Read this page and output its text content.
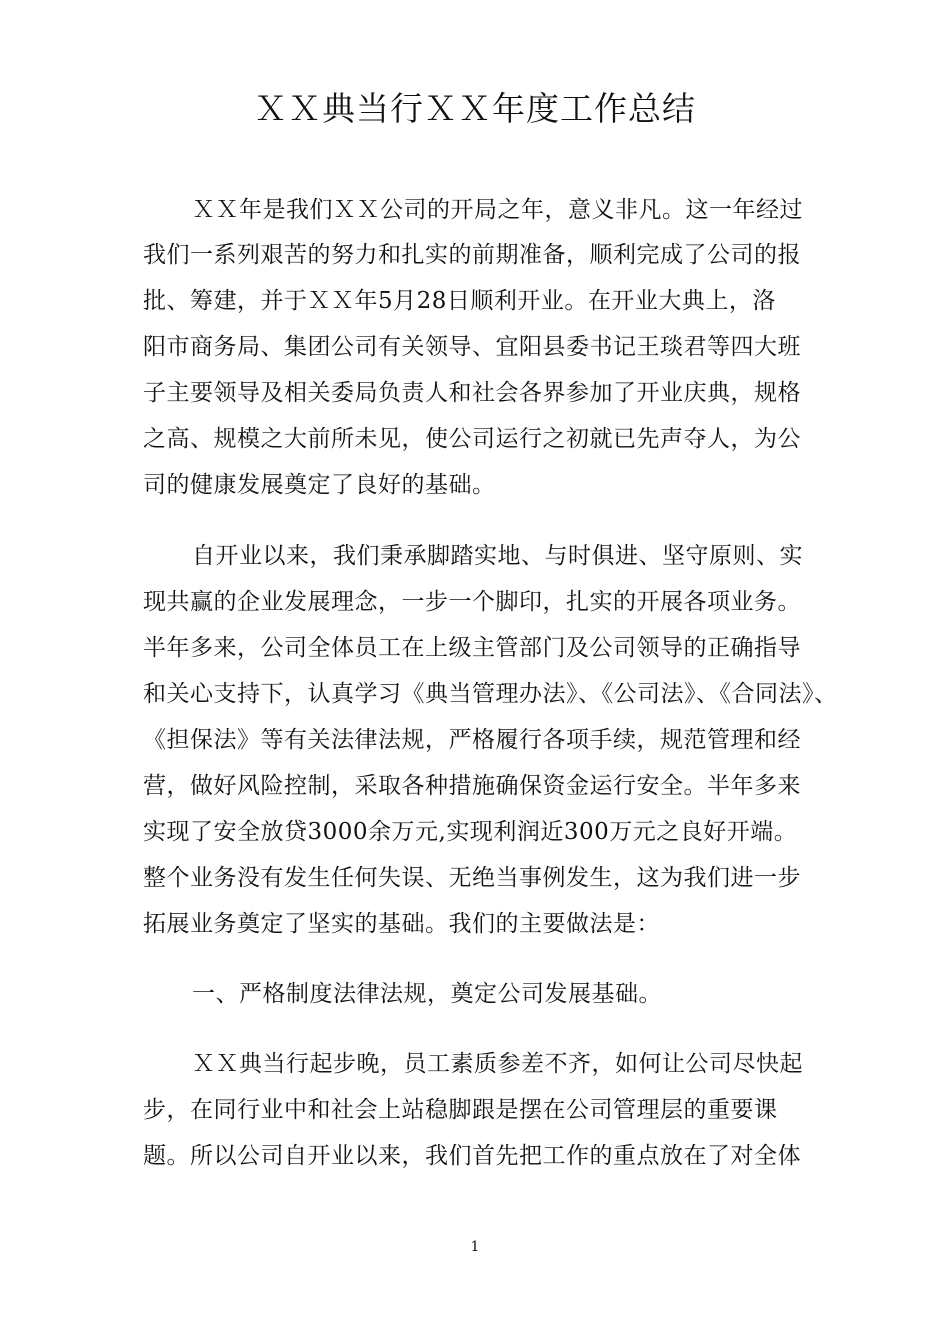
ＸＸ典当行ＸＸ年度工作总结
ＸＸ年是我们ＸＸ公司的开局之年，意义非凡。这一年经过
我们一系列艰苦的努力和扎实的前期准备，顺利完成了公司的报
批、筹建，并于ＸＸ年5月28日顺利开业。在开业大典上，洛
阳市商务局、集团公司有关领导、宜阳县委书记王琰君等四大班
子主要领导及相关委局负责人和社会各界参加了开业庆典，规格
之高、规模之大前所未见，使公司运行之初就已先声夺人，为公
司的健康发展奠定了良好的基础。
自开业以来，我们秉承脚踏实地、与时俱进、坚守原则、实
现共赢的企业发展理念，一步一个脚印，扎实的开展各项业务。
半年多来，公司全体员工在上级主管部门及公司领导的正确指导
和关心支持下，认真学习《典当管理办法》、《公司法》、《合同法》、
《担保法》等有关法律法规，严格履行各项手续，规范管理和经
营，做好风险控制，采取各种措施确保资金运行安全。半年多来
实现了安全放贷3000余万元,实现利润近300万元之良好开端。
整个业务没有发生任何失误、无绝当事例发生，这为我们进一步
拓展业务奠定了坚实的基础。我们的主要做法是：
一、严格制度法律法规，奠定公司发展基础。
ＸＸ典当行起步晚，员工素质参差不齐，如何让公司尽快起
步，在同行业中和社会上站稳脚跟是摆在公司管理层的重要课
题。所以公司自开业以来，我们首先把工作的重点放在了对全体
1
